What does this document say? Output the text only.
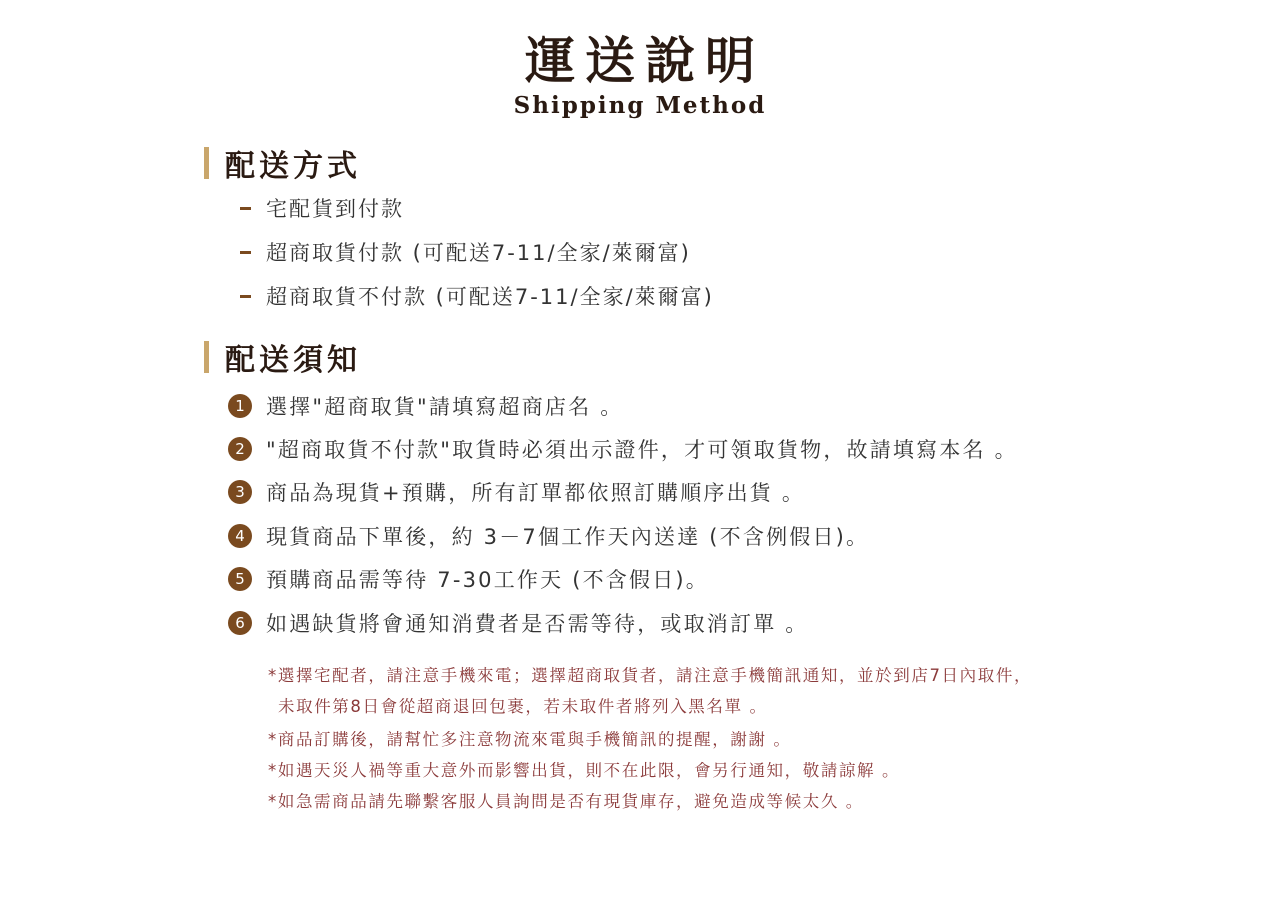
運送說明
Shipping Method
配送方式
宅配貨到付款
超商取貨付款 (可配送7-11/全家/萊爾富)
超商取貨不付款 (可配送7-11/全家/萊爾富)
配送須知
1	選擇"超商取貨"請填寫超商店名 。
2	"超商取貨不付款"取貨時必須出示證件，才可領取貨物，故請填寫本名 。
3	商品為現貨+預購，所有訂單都依照訂購順序出貨 。
4	現貨商品下單後，約 3－7個工作天內送達 (不含例假日)。
5	預購商品需等待 7-30工作天 (不含假日)。
6	如遇缺貨將會通知消費者是否需等待，或取消訂單 。
*選擇宅配者，請注意手機來電；選擇超商取貨者，請注意手機簡訊通知，並於到店7日內取件，
未取件第8日會從超商退回包裹，若未取件者將列入黑名單 。
*商品訂購後，請幫忙多注意物流來電與手機簡訊的提醒，謝謝 。
*如遇天災人禍等重大意外而影響出貨，則不在此限，會另行通知，敬請諒解 。
*如急需商品請先聯繫客服人員詢問是否有現貨庫存，避免造成等候太久 。
